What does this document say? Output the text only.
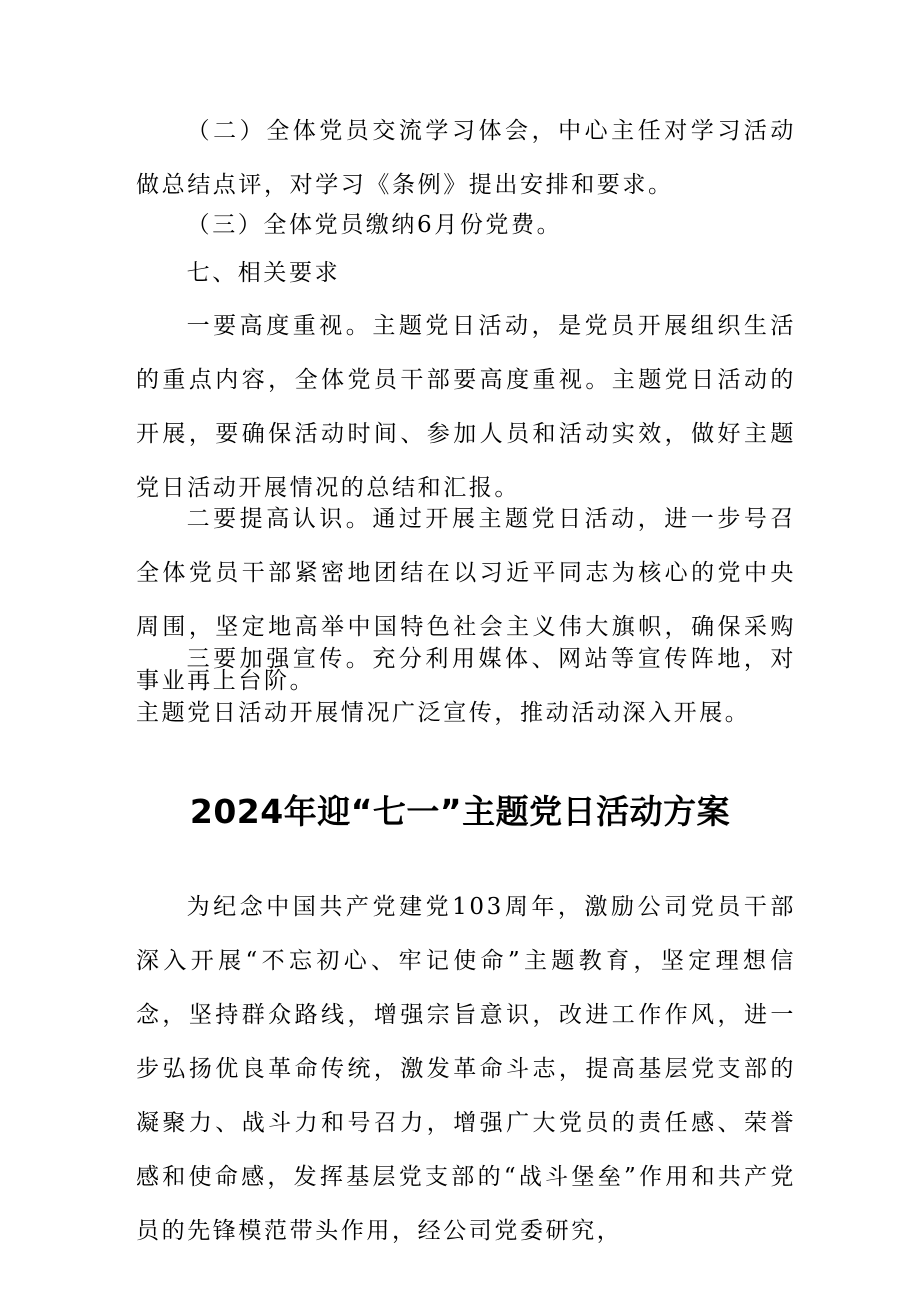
（二）全体党员交流学习体会，中心主任对学习活动做总结点评，对学习《条例》提出安排和要求。

（三）全体党员缴纳6月份党费。

七、相关要求

一要高度重视。主题党日活动，是党员开展组织生活的重点内容，全体党员干部要高度重视。主题党日活动的开展，要确保活动时间、参加人员和活动实效，做好主题党日活动开展情况的总结和汇报。

二要提高认识。通过开展主题党日活动，进一步号召全体党员干部紧密地团结在以习近平同志为核心的党中央周围，坚定地高举中国特色社会主义伟大旗帜，确保采购事业再上台阶。

三要加强宣传。充分利用媒体、网站等宣传阵地，对主题党日活动开展情况广泛宣传，推动活动深入开展。

2024年迎“七一”主题党日活动方案

为纪念中国共产党建党103周年，激励公司党员干部深入开展“不忘初心、牢记使命”主题教育，坚定理想信念，坚持群众路线，增强宗旨意识，改进工作作风，进一步弘扬优良革命传统，激发革命斗志，提高基层党支部的凝聚力、战斗力和号召力，增强广大党员的责任感、荣誉感和使命感，发挥基层党支部的“战斗堡垒”作用和共产党员的先锋模范带头作用，经公司党委研究，
